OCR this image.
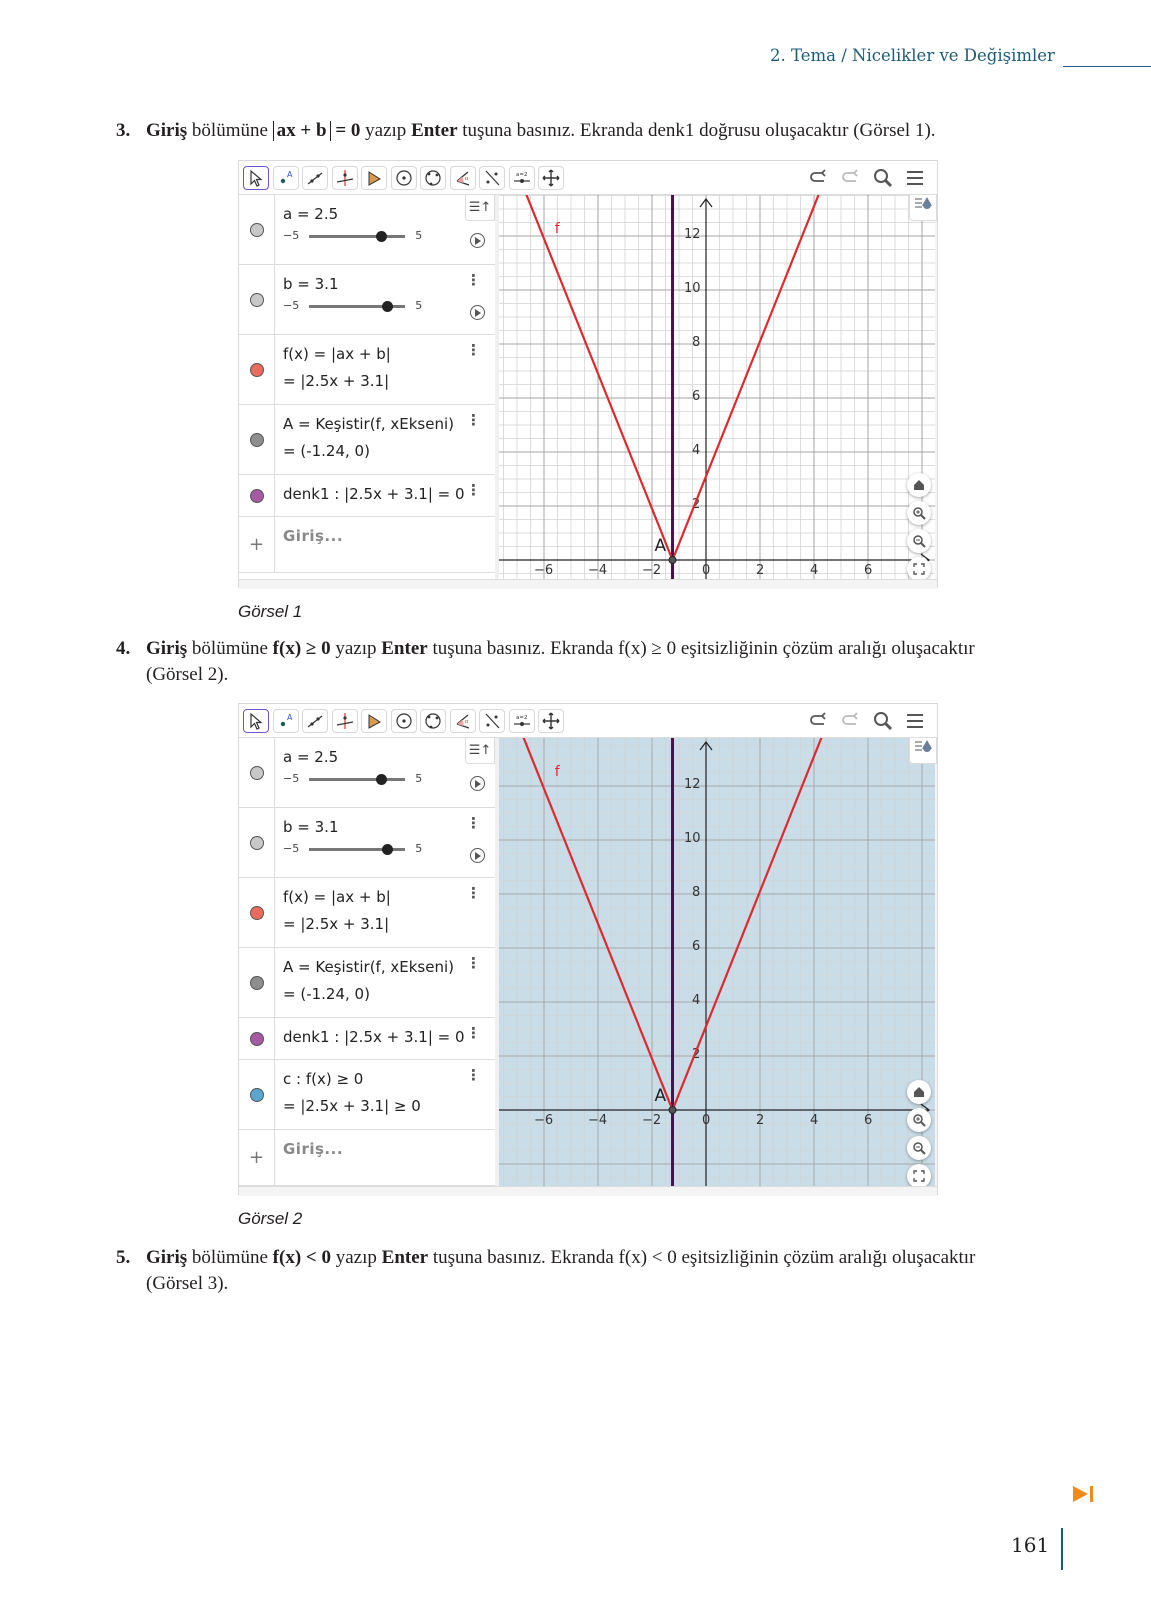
2. Tema / Nicelikler ve Değişimler
3. Giriş bölümüne ax + b = 0 yazıp Enter tuşuna basınız. Ekranda denk1 doğrusu oluşacaktır (Görsel 1).
A	α
a=2
☰↑
a = 2.5
−5	5
b = 3.1
−5	5
⋮
f(x) = |ax + b|
= |2.5x + 3.1|
⋮
A = Keşistir(f, xEkseni)
= (-1.24, 0)
⋮
denk1 : |2.5x + 3.1| = 0 ⋮
+	Giriş...
−6	−4	−2	0	2	4	6
2
4
6
8
10
12
f
A
Görsel 1
4. Giriş bölümüne f(x) ≥ 0 yazıp Enter tuşuna basınız. Ekranda f(x) ≥ 0 eşitsizliğinin çözüm aralığı oluşacaktır
(Görsel 2).
A	α
a=2
☰↑
a = 2.5
−5	5
b = 3.1
−5	5
⋮
f(x) = |ax + b|
= |2.5x + 3.1|
⋮
A = Keşistir(f, xEkseni)
= (-1.24, 0)
⋮
denk1 : |2.5x + 3.1| = 0 ⋮
c : f(x) ≥ 0
= |2.5x + 3.1| ≥ 0
⋮
+	Giriş...
−6	−4	−2	0	2	4	6
2
4
6
8
10
12
f
A
Görsel 2
5. Giriş bölümüne f(x) < 0 yazıp Enter tuşuna basınız. Ekranda f(x) < 0 eşitsizliğinin çözüm aralığı oluşacaktır
(Görsel 3).
161
